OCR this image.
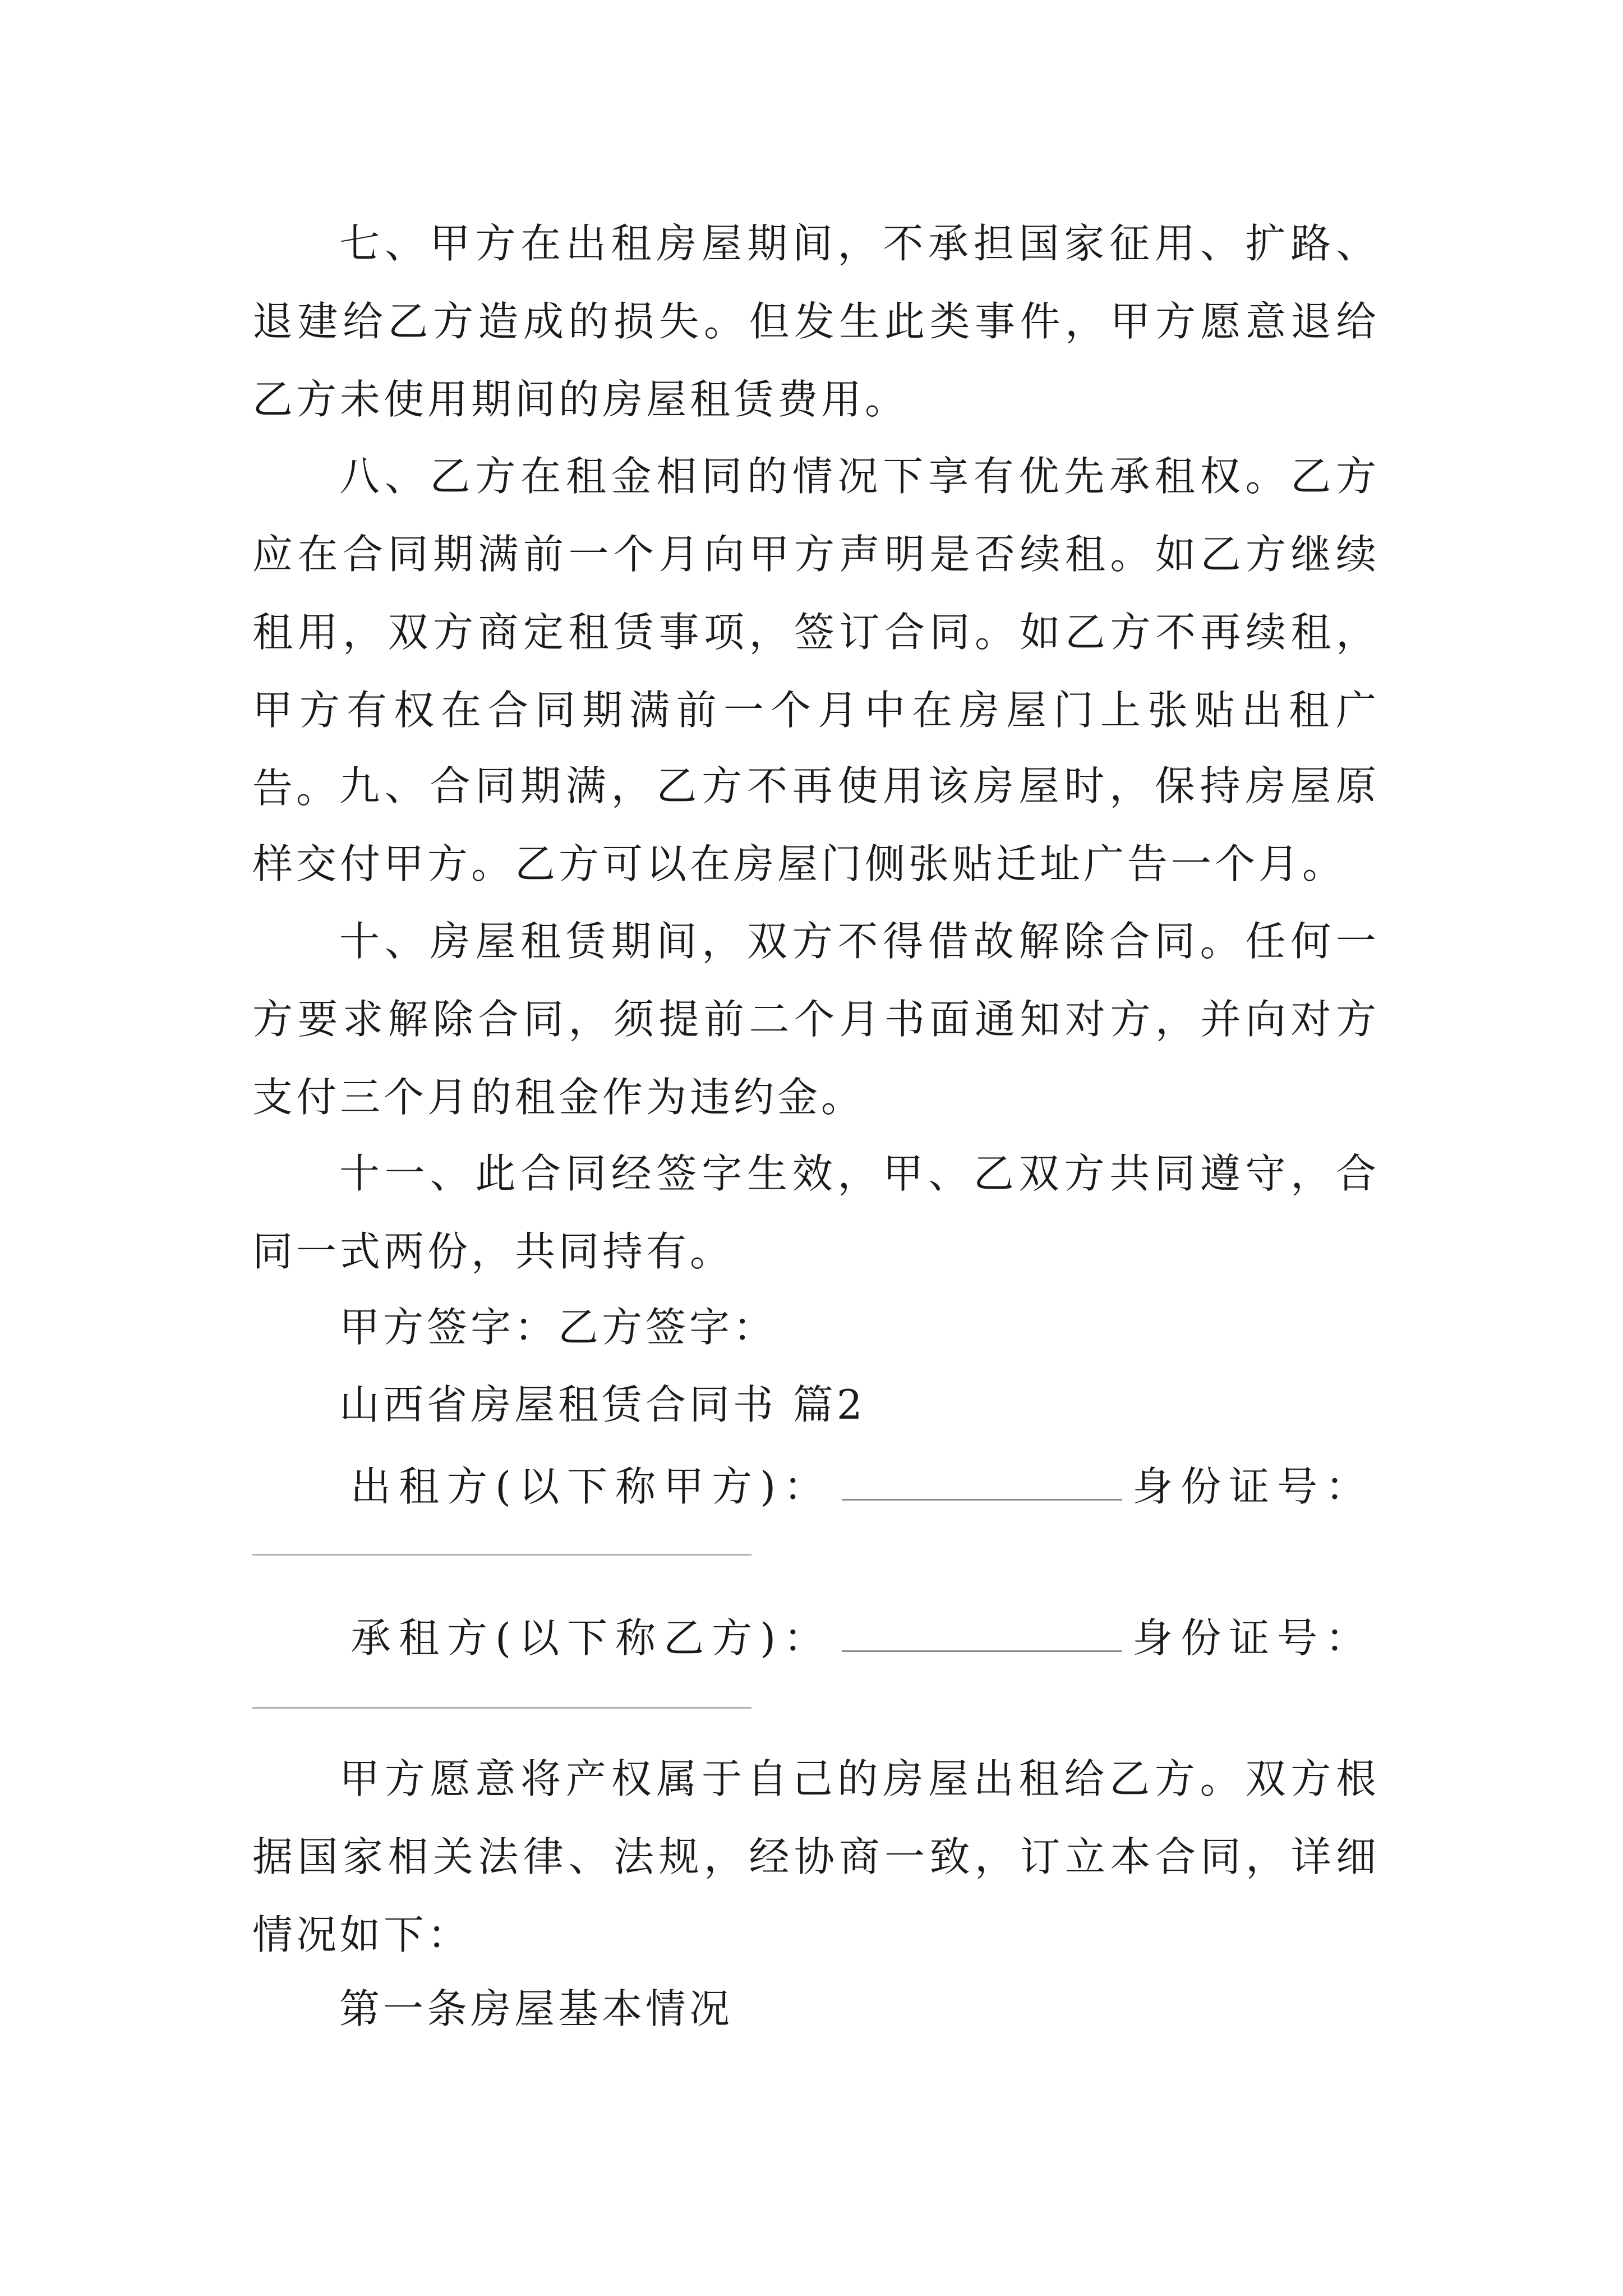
七、甲方在出租房屋期间，不承担国家征用、扩路、退建给乙方造成的损失。但发生此类事件，甲方愿意退给乙方未使用期间的房屋租赁费用。

八、乙方在租金相同的情况下享有优先承租权。乙方应在合同期满前一个月向甲方声明是否续租。如乙方继续租用，双方商定租赁事项，签订合同。如乙方不再续租，甲方有权在合同期满前一个月中在房屋门上张贴出租广告。

九、合同期满，乙方不再使用该房屋时，保持房屋原样交付甲方。乙方可以在房屋门侧张贴迁址广告一个月。

十、房屋租赁期间，双方不得借故解除合同。任何一方要求解除合同，须提前二个月书面通知对方，并向对方支付三个月的租金作为违约金。

十一、此合同经签字生效，甲、乙双方共同遵守，合同一式两份，共同持有。

甲方签字：乙方签字：
山西省房屋租赁合同书 篇2
出租方(以下称甲方)：	身份证号：
承租方(以下称乙方)：	身份证号：

甲方愿意将产权属于自己的房屋出租给乙方。双方根据国家相关法律、法规，经协商一致，订立本合同，详细情况如下：

第一条房屋基本情况
